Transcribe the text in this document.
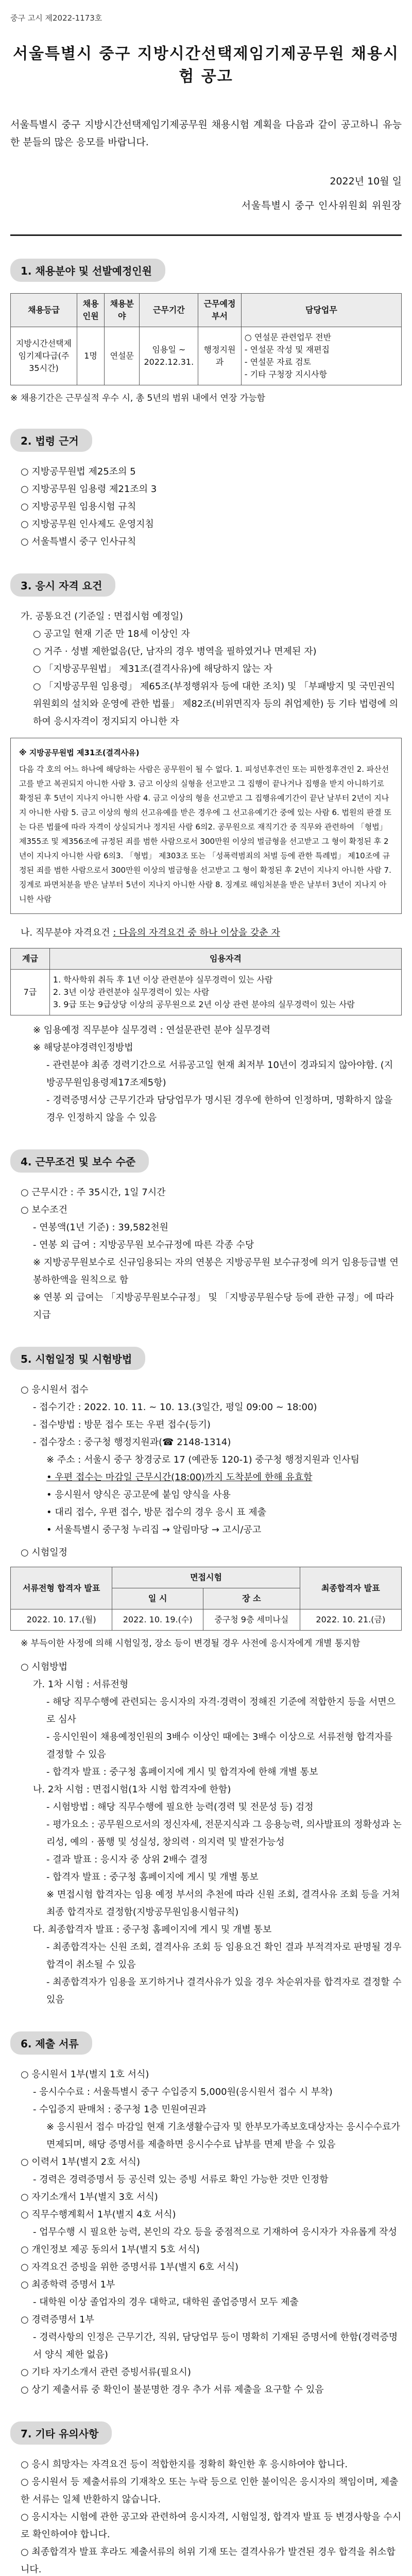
중구 고시 제2022-1173호
서울특별시 중구 지방시간선택제임기제공무원 채용시험 공고
서울특별시 중구 지방시간선택제임기제공무원 채용시험 계획을 다음과 같이 공고하니 유능한 분들의 많은 응모를 바랍니다.
2022년 10월 일
서울특별시 중구 인사위원회 위원장
1. 채용분야 및 선발예정인원
채용등급	채용인원	채용분야	근무기간	근무예정부서	담당업무
지방시간선택제임기제다급(주35시간)	1명	연설문	임용일 ~ 2022.12.31.	행정지원과	○ 연설문 관련업무 전반
- 연설문 작성 및 재편집
- 연설문 자료 검토
- 기타 구청장 지시사항
※ 채용기간은 근무실적 우수 시, 총 5년의 범위 내에서 연장 가능함
2. 법령 근거
○ 지방공무원법 제25조의 5
○ 지방공무원 임용령 제21조의 3
○ 지방공무원 임용시험 규칙
○ 지방공무원 인사제도 운영지침
○ 서울특별시 중구 인사규칙
3. 응시 자격 요건
가. 공통요건 (기준일 : 면접시험 예정일)
○ 공고일 현재 기준 만 18세 이상인 자
○ 거주 · 성별 제한없음(단, 남자의 경우 병역을 필하였거나 면제된 자)
○ 「지방공무원법」 제31조(결격사유)에 해당하지 않는 자
○ 「지방공무원 임용령」 제65조(부정행위자 등에 대한 조치) 및 「부패방지 및 국민권익위원회의 설치와 운영에 관한 법률」 제82조(비위면직자 등의 취업제한) 등 기타 법령에 의하여 응시자격이 정지되지 아니한 자
※ 지방공무원법 제31조(결격사유)
다음 각 호의 어느 하나에 해당하는 사람은 공무원이 될 수 없다. 1. 피성년후견인 또는 피한정후견인 2. 파산선고를 받고 복권되지 아니한 사람 3. 금고 이상의 실형을 선고받고 그 집행이 끝나거나 집행을 받지 아니하기로 확정된 후 5년이 지나지 아니한 사람 4. 금고 이상의 형을 선고받고 그 집행유예기간이 끝난 날부터 2년이 지나지 아니한 사람 5. 금고 이상의 형의 선고유예를 받은 경우에 그 선고유예기간 중에 있는 사람 6. 법원의 판결 또는 다른 법률에 따라 자격이 상실되거나 정지된 사람 6의2. 공무원으로 재직기간 중 직무와 관련하여 「형법」 제355조 및 제356조에 규정된 죄를 범한 사람으로서 300만원 이상의 벌금형을 선고받고 그 형이 확정된 후 2년이 지나지 아니한 사람 6의3. 「형법」 제303조 또는 「성폭력범죄의 처벌 등에 관한 특례법」 제10조에 규정된 죄를 범한 사람으로서 300만원 이상의 벌금형을 선고받고 그 형이 확정된 후 2년이 지나지 아니한 사람 7. 징계로 파면처분을 받은 날부터 5년이 지나지 아니한 사람 8. 징계로 해임처분을 받은 날부터 3년이 지나지 아니한 사람
나. 직무분야 자격요건 : 다음의 자격요건 중 하나 이상을 갖춘 자
계급	임용자격
7급	1. 학사학위 취득 후 1년 이상 관련분야 실무경력이 있는 사람
2. 3년 이상 관련분야 실무경력이 있는 사람
3. 9급 또는 9급상당 이상의 공무원으로 2년 이상 관련 분야의 실무경력이 있는 사람
※ 임용예정 직무분야 실무경력 : 연설문관련 분야 실무경력
※ 해당분야경력인정방법
- 관련분야 최종 경력기간으로 서류공고일 현재 최저부 10년이 경과되지 않아야함. (지방공무원임용령제17조제5항)
- 경력증명서상 근무기간과 담당업무가 명시된 경우에 한하여 인정하며, 명확하지 않을 경우 인정하지 않을 수 있음
4. 근무조건 및 보수 수준
○ 근무시간 : 주 35시간, 1일 7시간
○ 보수조건
- 연봉액(1년 기준) : 39,582천원
- 연봉 외 급여 : 지방공무원 보수규정에 따른 각종 수당
※ 지방공무원보수로 신규임용되는 자의 연봉은 지방공무원 보수규정에 의거 임용등급별 연봉하한액을 원칙으로 함
※ 연봉 외 급여는 「지방공무원보수규정」 및 「지방공무원수당 등에 관한 규정」에 따라 지급
5. 시험일정 및 시험방법
○ 응시원서 접수
- 접수기간 : 2022. 10. 11. ~ 10. 13.(3일간, 평일 09:00 ~ 18:00)
- 접수방법 : 방문 접수 또는 우편 접수(등기)
- 접수장소 : 중구청 행정지원과(☎ 2148-1314)
※ 주소 : 서울시 중구 창경궁로 17 (예관동 120-1) 중구청 행정지원과 인사팀
• 우편 접수는 마감일 근무시간(18:00)까지 도착분에 한해 유효함
• 응시원서 양식은 공고문에 붙임 양식을 사용
• 대리 접수, 우편 접수, 방문 접수의 경우 응시 표 제출
• 서울특별시 중구청 누리집 → 알림마당 → 고시/공고
○ 시험일정
서류전형 합격자 발표	면접시험		최종합격자 발표
	일 시	장 소	
2022. 10. 17.(월)	2022. 10. 19.(수)	중구청 9층 세미나실	2022. 10. 21.(금)
※ 부득이한 사정에 의해 시험일정, 장소 등이 변경될 경우 사전에 응시자에게 개별 통지함
○ 시험방법
가. 1차 시험 : 서류전형
- 해당 직무수행에 관련되는 응시자의 자격·경력이 정해진 기준에 적합한지 등을 서면으로 심사
- 응시인원이 채용예정인원의 3배수 이상인 때에는 3배수 이상으로 서류전형 합격자를 결정할 수 있음
- 합격자 발표 : 중구청 홈페이지에 게시 및 합격자에 한해 개별 통보
나. 2차 시험 : 면접시험(1차 시험 합격자에 한함)
- 시험방법 : 해당 직무수행에 필요한 능력(경력 및 전문성 등) 검정
- 평가요소 : 공무원으로서의 정신자세, 전문지식과 그 응용능력, 의사발표의 정확성과 논리성, 예의 · 품행 및 성실성, 창의력 · 의지력 및 발전가능성
- 결과 발표 : 응시자 중 상위 2배수 결정
- 합격자 발표 : 중구청 홈페이지에 게시 및 개별 통보
※ 면접시험 합격자는 임용 예정 부서의 추천에 따라 신원 조회, 결격사유 조회 등을 거쳐 최종 합격자로 결정함(지방공무원임용시험규칙)
다. 최종합격자 발표 : 중구청 홈페이지에 게시 및 개별 통보
- 최종합격자는 신원 조회, 결격사유 조회 등 임용요건 확인 결과 부적격자로 판명될 경우 합격이 취소될 수 있음
- 최종합격자가 임용을 포기하거나 결격사유가 있을 경우 차순위자를 합격자로 결정할 수 있음
6. 제출 서류
○ 응시원서 1부(별지 1호 서식)
- 응시수수료 : 서울특별시 중구 수입증지 5,000원(응시원서 접수 시 부착)
- 수입증지 판매처 : 중구청 1층 민원여권과
※ 응시원서 접수 마감일 현재 기초생활수급자 및 한부모가족보호대상자는 응시수수료가 면제되며, 해당 증명서를 제출하면 응시수수료 납부를 면제 받을 수 있음
○ 이력서 1부(별지 2호 서식)
- 경력은 경력증명서 등 공신력 있는 증빙 서류로 확인 가능한 것만 인정함
○ 자기소개서 1부(별지 3호 서식)
○ 직무수행계획서 1부(별지 4호 서식)
- 업무수행 시 필요한 능력, 본인의 각오 등을 중점적으로 기재하여 응시자가 자유롭게 작성
○ 개인정보 제공 동의서 1부(별지 5호 서식)
○ 자격요건 증빙을 위한 증명서류 1부(별지 6호 서식)
○ 최종학력 증명서 1부
- 대학원 이상 졸업자의 경우 대학교, 대학원 졸업증명서 모두 제출
○ 경력증명서 1부
- 경력사항의 인정은 근무기간, 직위, 담당업무 등이 명확히 기재된 증명서에 한함(경력증명서 양식 제한 없음)
○ 기타 자기소개서 관련 증빙서류(필요시)
○ 상기 제출서류 중 확인이 불분명한 경우 추가 서류 제출을 요구할 수 있음
7. 기타 유의사항
○ 응시 희망자는 자격요건 등이 적합한지를 정확히 확인한 후 응시하여야 합니다.
○ 응시원서 등 제출서류의 기재착오 또는 누락 등으로 인한 불이익은 응시자의 책임이며, 제출한 서류는 일체 반환하지 않습니다.
○ 응시자는 시험에 관한 공고와 관련하여 응시자격, 시험일정, 합격자 발표 등 변경사항을 수시로 확인하여야 합니다.
○ 최종합격자 발표 후라도 제출서류의 허위 기재 또는 결격사유가 발견된 경우 합격을 취소합니다.
